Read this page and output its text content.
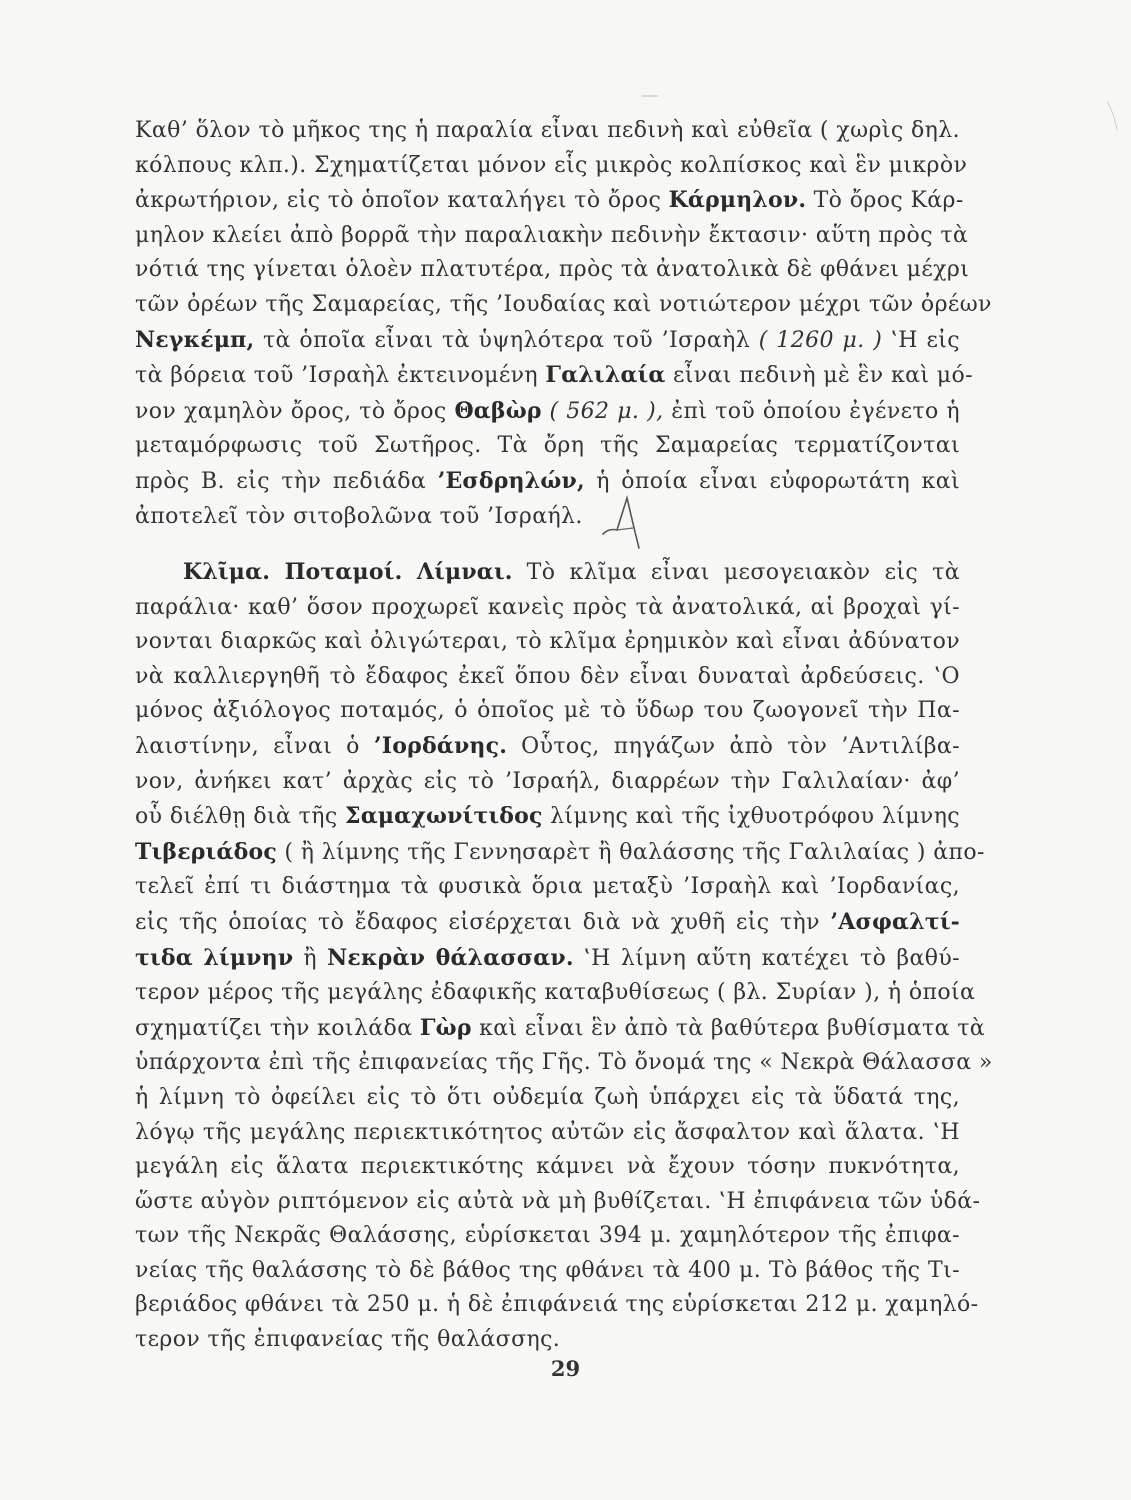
Καθ’ ὅλον τὸ μῆκος της ἡ παραλία εἶναι πεδινὴ καὶ εὐθεῖα ( χωρὶς δηλ.
κόλπους κλπ.). Σχηματίζεται μόνον εἷς μικρὸς κολπίσκος καὶ ἓν μικρὸν
ἀκρωτήριον, εἰς τὸ ὁποῖον καταλήγει τὸ ὄρος Κάρμηλον. Τὸ ὄρος Κάρ-
μηλον κλείει ἀπὸ βορρᾶ τὴν παραλιακὴν πεδινὴν ἔκτασιν· αὕτη πρὸς τὰ
νότιά της γίνεται ὁλοὲν πλατυτέρα, πρὸς τὰ ἀνατολικὰ δὲ φθάνει μέχρι
τῶν ὀρέων τῆς Σαμαρείας, τῆς ’Ιουδαίας καὶ νοτιώτερον μέχρι τῶν ὀρέων
Νεγκέμπ, τὰ ὁποῖα εἶναι τὰ ὑψηλότερα τοῦ ’Ισραὴλ ( 1260 μ. ) ‛Η εἰς
τὰ βόρεια τοῦ ’Ισραὴλ ἐκτεινομένη Γαλιλαία εἶναι πεδινὴ μὲ ἓν καὶ μό-
νον χαμηλὸν ὄρος, τὸ ὄρος Θαβὼρ ( 562 μ. ), ἐπὶ τοῦ ὁποίου ἐγένετο ἡ
μεταμόρφωσις τοῦ Σωτῆρος. Τὰ ὄρη τῆς Σαμαρείας τερματίζονται
πρὸς Β. εἰς τὴν πεδιάδα ’Εσδρηλών, ἡ ὁποία εἶναι εὐφορωτάτη καὶ
ἀποτελεῖ τὸν σιτοβολῶνα τοῦ ’Ισραήλ.
Κλῖμα. Ποταμοί. Λίμναι. Τὸ κλῖμα εἶναι μεσογειακὸν εἰς τὰ
παράλια· καθ’ ὅσον προχωρεῖ κανεὶς πρὸς τὰ ἀνατολικά, αἱ βροχαὶ γί-
νονται διαρκῶς καὶ ὀλιγώτεραι, τὸ κλῖμα ἐρημικὸν καὶ εἶναι ἀδύνατον
νὰ καλλιεργηθῆ τὸ ἔδαφος ἐκεῖ ὅπου δὲν εἶναι δυναταὶ ἀρδεύσεις. ‛Ο
μόνος ἀξιόλογος ποταμός, ὁ ὁποῖος μὲ τὸ ὕδωρ του ζωογονεῖ τὴν Πα-
λαιστίνην, εἶναι ὁ ’Ιορδάνης. Οὗτος, πηγάζων ἀπὸ τὸν ’Αντιλίβα-
νον, ἀνήκει κατ’ ἀρχὰς εἰς τὸ ’Ισραήλ, διαρρέων τὴν Γαλιλαίαν· ἀφ’
οὗ διέλθῃ διὰ τῆς Σαμαχωνίτιδος λίμνης καὶ τῆς ἰχθυοτρόφου λίμνης
Τιβεριάδος ( ἢ λίμνης τῆς Γεννησαρὲτ ἢ θαλάσσης τῆς Γαλιλαίας ) ἀπο-
τελεῖ ἐπί τι διάστημα τὰ φυσικὰ ὅρια μεταξὺ ’Ισραὴλ καὶ ’Ιορδανίας,
εἰς τῆς ὁποίας τὸ ἔδαφος εἰσέρχεται διὰ νὰ χυθῆ εἰς τὴν ’Ασφαλτί-
τιδα λίμνην ἢ Νεκρὰν θάλασσαν. ‛Η λίμνη αὕτη κατέχει τὸ βαθύ-
τερον μέρος τῆς μεγάλης ἐδαφικῆς καταβυθίσεως ( βλ. Συρίαν ), ἡ ὁποία
σχηματίζει τὴν κοιλάδα Γὼρ καὶ εἶναι ἓν ἀπὸ τὰ βαθύτερα βυθίσματα τὰ
ὑπάρχοντα ἐπὶ τῆς ἐπιφανείας τῆς Γῆς. Τὸ ὄνομά της « Νεκρὰ Θάλασσα »
ἡ λίμνη τὸ ὀφείλει εἰς τὸ ὅτι οὐδεμία ζωὴ ὑπάρχει εἰς τὰ ὕδατά της,
λόγῳ τῆς μεγάλης περιεκτικότητος αὐτῶν εἰς ἄσφαλτον καὶ ἅλατα. ‛Η
μεγάλη εἰς ἅλατα περιεκτικότης κάμνει νὰ ἔχουν τόσην πυκνότητα,
ὥστε αὐγὸν ριπτόμενον εἰς αὐτὰ νὰ μὴ βυθίζεται. ‛Η ἐπιφάνεια τῶν ὑδά-
των τῆς Νεκρᾶς Θαλάσσης, εὑρίσκεται 394 μ. χαμηλότερον τῆς ἐπιφα-
νείας τῆς θαλάσσης τὸ δὲ βάθος της φθάνει τὰ 400 μ. Τὸ βάθος τῆς Τι-
βεριάδος φθάνει τὰ 250 μ. ἡ δὲ ἐπιφάνειά της εὑρίσκεται 212 μ. χαμηλό-
τερον τῆς ἐπιφανείας τῆς θαλάσσης.
29
